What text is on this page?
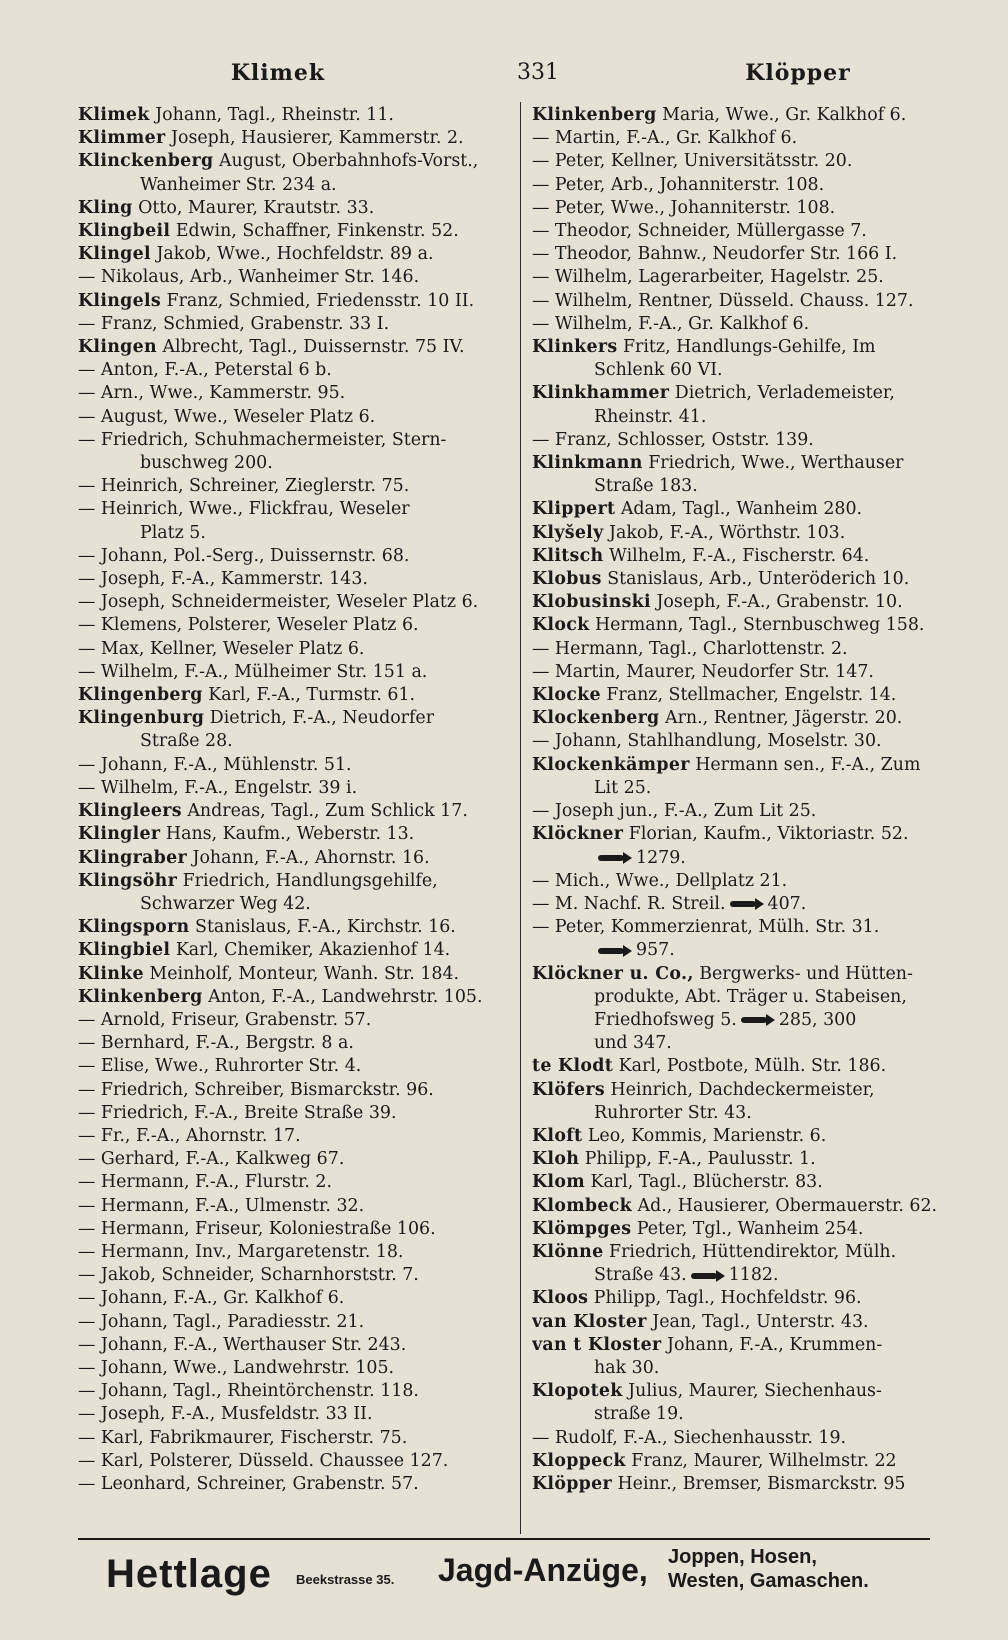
Klimek	331	Klöpper
Klimek Johann, Tagl., Rheinstr. 11.
Klimmer Joseph, Hausierer, Kammerstr. 2.
Klinckenberg August, Oberbahnhofs-Vorst.,
Wanheimer Str. 234 a.
Kling Otto, Maurer, Krautstr. 33.
Klingbeil Edwin, Schaffner, Finkenstr. 52.
Klingel Jakob, Wwe., Hochfeldstr. 89 a.
— Nikolaus, Arb., Wanheimer Str. 146.
Klingels Franz, Schmied, Friedensstr. 10 II.
— Franz, Schmied, Grabenstr. 33 I.
Klingen Albrecht, Tagl., Duissernstr. 75 IV.
— Anton, F.-A., Peterstal 6 b.
— Arn., Wwe., Kammerstr. 95.
— August, Wwe., Weseler Platz 6.
— Friedrich, Schuhmachermeister, Stern-
buschweg 200.
— Heinrich, Schreiner, Zieglerstr. 75.
— Heinrich, Wwe., Flickfrau, Weseler
Platz 5.
— Johann, Pol.-Serg., Duissernstr. 68.
— Joseph, F.-A., Kammerstr. 143.
— Joseph, Schneidermeister, Weseler Platz 6.
— Klemens, Polsterer, Weseler Platz 6.
— Max, Kellner, Weseler Platz 6.
— Wilhelm, F.-A., Mülheimer Str. 151 a.
Klingenberg Karl, F.-A., Turmstr. 61.
Klingenburg Dietrich, F.-A., Neudorfer
Straße 28.
— Johann, F.-A., Mühlenstr. 51.
— Wilhelm, F.-A., Engelstr. 39 i.
Klingleers Andreas, Tagl., Zum Schlick 17.
Klingler Hans, Kaufm., Weberstr. 13.
Klingraber Johann, F.-A., Ahornstr. 16.
Klingsöhr Friedrich, Handlungsgehilfe,
Schwarzer Weg 42.
Klingsporn Stanislaus, F.-A., Kirchstr. 16.
Klingbiel Karl, Chemiker, Akazienhof 14.
Klinke Meinholf, Monteur, Wanh. Str. 184.
Klinkenberg Anton, F.-A., Landwehrstr. 105.
— Arnold, Friseur, Grabenstr. 57.
— Bernhard, F.-A., Bergstr. 8 a.
— Elise, Wwe., Ruhrorter Str. 4.
— Friedrich, Schreiber, Bismarckstr. 96.
— Friedrich, F.-A., Breite Straße 39.
— Fr., F.-A., Ahornstr. 17.
— Gerhard, F.-A., Kalkweg 67.
— Hermann, F.-A., Flurstr. 2.
— Hermann, F.-A., Ulmenstr. 32.
— Hermann, Friseur, Koloniestraße 106.
— Hermann, Inv., Margaretenstr. 18.
— Jakob, Schneider, Scharnhorststr. 7.
— Johann, F.-A., Gr. Kalkhof 6.
— Johann, Tagl., Paradiesstr. 21.
— Johann, F.-A., Werthauser Str. 243.
— Johann, Wwe., Landwehrstr. 105.
— Johann, Tagl., Rheintörchenstr. 118.
— Joseph, F.-A., Musfeldstr. 33 II.
— Karl, Fabrikmaurer, Fischerstr. 75.
— Karl, Polsterer, Düsseld. Chaussee 127.
— Leonhard, Schreiner, Grabenstr. 57.
Klinkenberg Maria, Wwe., Gr. Kalkhof 6.
— Martin, F.-A., Gr. Kalkhof 6.
— Peter, Kellner, Universitätsstr. 20.
— Peter, Arb., Johanniterstr. 108.
— Peter, Wwe., Johanniterstr. 108.
— Theodor, Schneider, Müllergasse 7.
— Theodor, Bahnw., Neudorfer Str. 166 I.
— Wilhelm, Lagerarbeiter, Hagelstr. 25.
— Wilhelm, Rentner, Düsseld. Chauss. 127.
— Wilhelm, F.-A., Gr. Kalkhof 6.
Klinkers Fritz, Handlungs-Gehilfe, Im
Schlenk 60 VI.
Klinkhammer Dietrich, Verlademeister,
Rheinstr. 41.
— Franz, Schlosser, Oststr. 139.
Klinkmann Friedrich, Wwe., Werthauser
Straße 183.
Klippert Adam, Tagl., Wanheim 280.
Klyšely Jakob, F.-A., Wörthstr. 103.
Klitsch Wilhelm, F.-A., Fischerstr. 64.
Klobus Stanislaus, Arb., Unteröderich 10.
Klobusinski Joseph, F.-A., Grabenstr. 10.
Klock Hermann, Tagl., Sternbuschweg 158.
— Hermann, Tagl., Charlottenstr. 2.
— Martin, Maurer, Neudorfer Str. 147.
Klocke Franz, Stellmacher, Engelstr. 14.
Klockenberg Arn., Rentner, Jägerstr. 20.
— Johann, Stahlhandlung, Moselstr. 30.
Klockenkämper Hermann sen., F.-A., Zum
Lit 25.
— Joseph jun., F.-A., Zum Lit 25.
Klöckner Florian, Kaufm., Viktoriastr. 52.
1279.
— Mich., Wwe., Dellplatz 21.
— M. Nachf. R. Streil. 407.
— Peter, Kommerzienrat, Mülh. Str. 31.
957.
Klöckner u. Co., Bergwerks- und Hütten-
produkte, Abt. Träger u. Stabeisen,
Friedhofsweg 5. 285, 300
und 347.
te Klodt Karl, Postbote, Mülh. Str. 186.
Klöfers Heinrich, Dachdeckermeister,
Ruhrorter Str. 43.
Kloft Leo, Kommis, Marienstr. 6.
Kloh Philipp, F.-A., Paulusstr. 1.
Klom Karl, Tagl., Blücherstr. 83.
Klombeck Ad., Hausierer, Obermauerstr. 62.
Klömpges Peter, Tgl., Wanheim 254.
Klönne Friedrich, Hüttendirektor, Mülh.
Straße 43. 1182.
Kloos Philipp, Tagl., Hochfeldstr. 96.
van Kloster Jean, Tagl., Unterstr. 43.
van t Kloster Johann, F.-A., Krummen-
hak 30.
Klopotek Julius, Maurer, Siechenhaus-
straße 19.
— Rudolf, F.-A., Siechenhausstr. 19.
Kloppeck Franz, Maurer, Wilhelmstr. 22
Klöpper Heinr., Bremser, Bismarckstr. 95
Hettlage Beekstrasse 35. Jagd-Anzüge, Joppen, Hosen,
Westen, Gamaschen.
